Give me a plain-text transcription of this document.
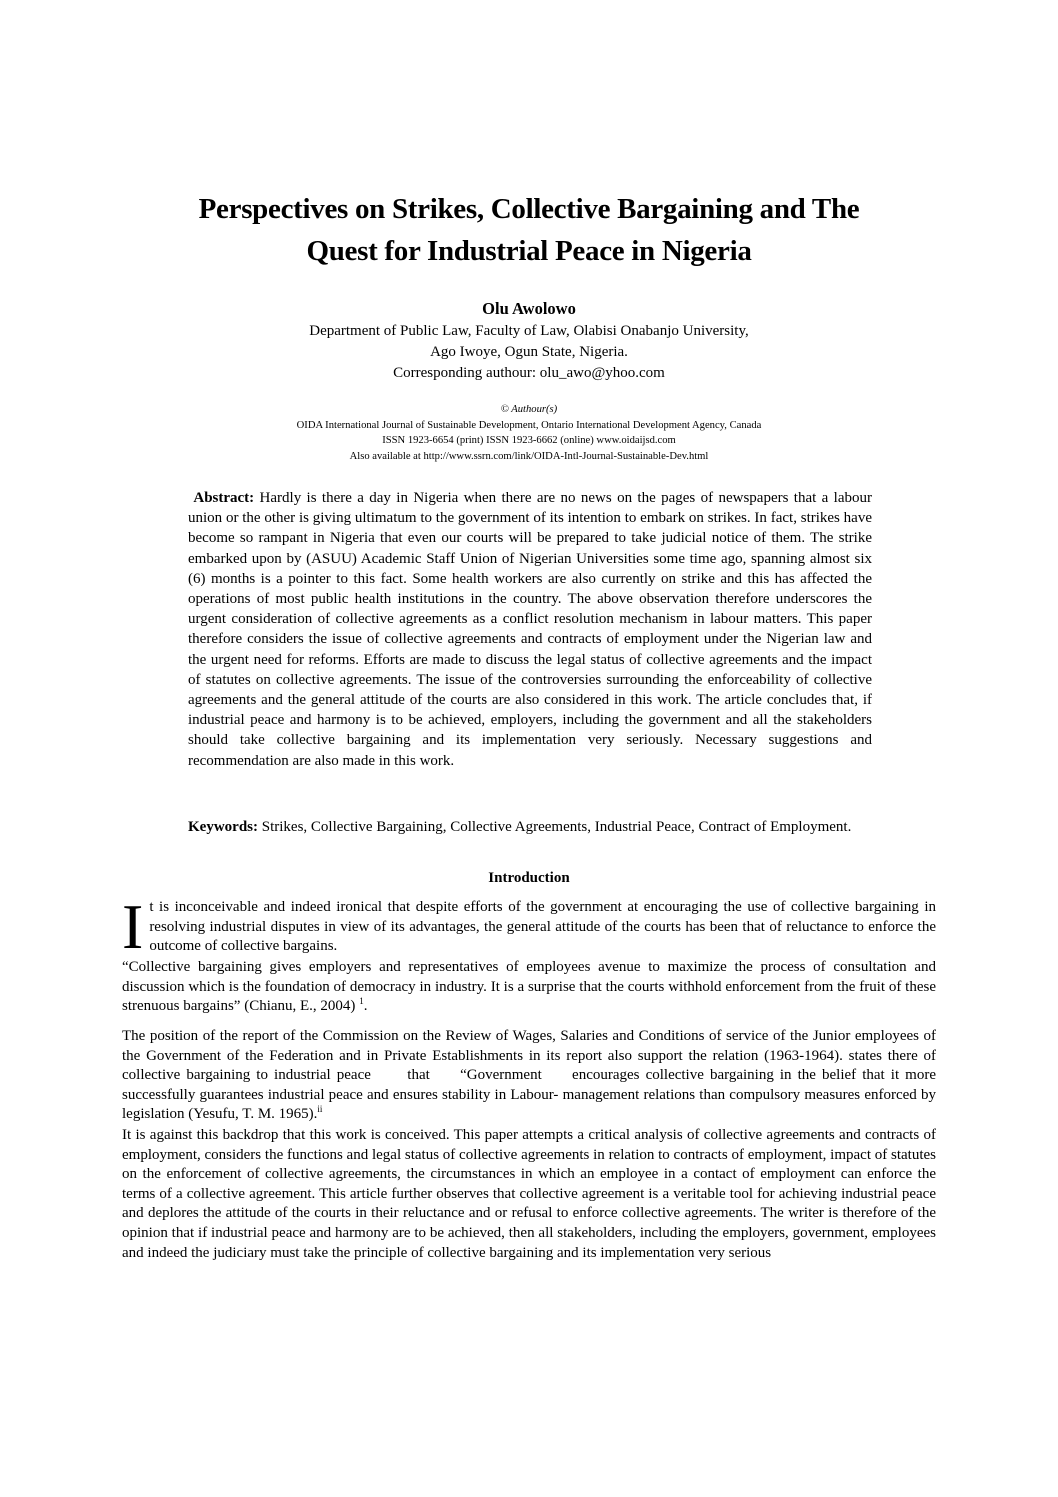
Perspectives on Strikes, Collective Bargaining and The
Quest for Industrial Peace in Nigeria
Olu Awolowo
Department of Public Law, Faculty of Law, Olabisi Onabanjo University,
Ago Iwoye, Ogun State, Nigeria.
Corresponding authour: olu_awo@yhoo.com
© Authour(s)
OIDA International Journal of Sustainable Development, Ontario International Development Agency, Canada
ISSN 1923-6654 (print) ISSN 1923-6662 (online) www.oidaijsd.com
Also available at http://www.ssrn.com/link/OIDA-Intl-Journal-Sustainable-Dev.html
Abstract: Hardly is there a day in Nigeria when there are no news on the pages of newspapers that a labour union or the other is giving ultimatum to the government of its intention to embark on strikes. In fact, strikes have become so rampant in Nigeria that even our courts will be prepared to take judicial notice of them. The strike embarked upon by (ASUU) Academic Staff Union of Nigerian Universities some time ago, spanning almost six (6) months is a pointer to this fact. Some health workers are also currently on strike and this has affected the operations of most public health institutions in the country. The above observation therefore underscores the urgent consideration of collective agreements as a conflict resolution mechanism in labour matters. This paper therefore considers the issue of collective agreements and contracts of employment under the Nigerian law and the urgent need for reforms. Efforts are made to discuss the legal status of collective agreements and the impact of statutes on collective agreements. The issue of the controversies surrounding the enforceability of collective agreements and the general attitude of the courts are also considered in this work. The article concludes that, if industrial peace and harmony is to be achieved, employers, including the government and all the stakeholders should take collective bargaining and its implementation very seriously. Necessary suggestions and recommendation are also made in this work.
Keywords: Strikes, Collective Bargaining, Collective Agreements, Industrial Peace, Contract of Employment.
Introduction
It is inconceivable and indeed ironical that despite efforts of the government at encouraging the use of collective bargaining in resolving industrial disputes in view of its advantages, the general attitude of the courts has been that of reluctance to enforce the outcome of collective bargains.
“Collective bargaining gives employers and representatives of employees avenue to maximize the process of consultation and discussion which is the foundation of democracy in industry. It is a surprise that the courts withhold enforcement from the fruit of these strenuous bargains” (Chianu, E., 2004) $^1$.
The position of the report of the Commission on the Review of Wages, Salaries and Conditions of service of the Junior employees of the Government of the Federation and in Private Establishments in its report also support the relation (1963-1964). states there of collective bargaining to industrial peace      that     “Government     encourages collective bargaining in the belief that it more successfully guarantees industrial peace and ensures stability in Labour- management relations than compulsory measures enforced by legislation (Yesufu, T. M. 1965).$^{ii}$
It is against this backdrop that this work is conceived. This paper attempts a critical analysis of collective agreements and contracts of employment, considers the functions and legal status of collective agreements in relation to contracts of employment, impact of statutes on the enforcement of collective agreements, the circumstances in which an employee in a contact of employment can enforce the terms of a collective agreement. This article further observes that collective agreement is a veritable tool for achieving industrial peace and deplores the attitude of the courts in their reluctance and or refusal to enforce collective agreements. The writer is therefore of the opinion that if industrial peace and harmony are to be achieved, then all stakeholders, including the employers, government, employees and indeed the judiciary must take the principle of collective bargaining and its implementation very serious
